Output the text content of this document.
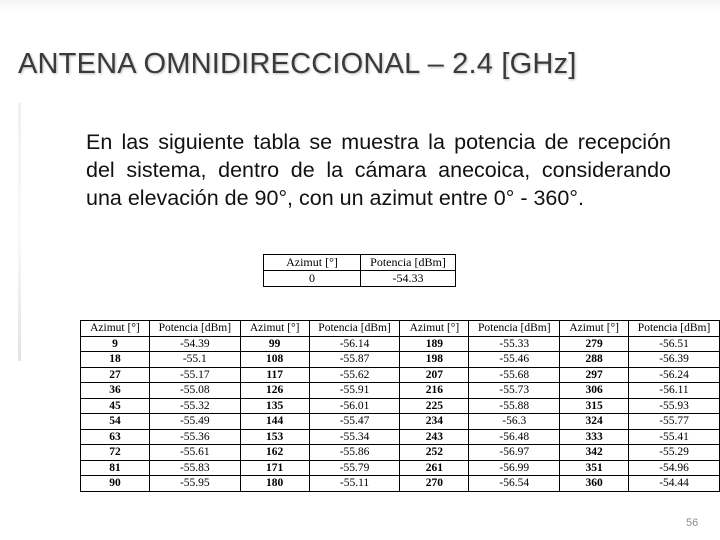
ANTENA OMNIDIRECCIONAL – 2.4 [GHz]
En las siguiente tabla se muestra la potencia de recepción del sistema, dentro de la cámara anecoica, considerando una elevación de 90°, con un azimut entre 0° - 360°.
Azimut [°]	Potencia [dBm]
0	-54.33
Azimut [°]	Potencia [dBm]	Azimut [°]	Potencia [dBm]	Azimut [°]	Potencia [dBm]	Azimut [°]	Potencia [dBm]
9	-54.39	99	-56.14	189	-55.33	279	-56.51
18	-55.1	108	-55.87	198	-55.46	288	-56.39
27	-55.17	117	-55.62	207	-55.68	297	-56.24
36	-55.08	126	-55.91	216	-55.73	306	-56.11
45	-55.32	135	-56.01	225	-55.88	315	-55.93
54	-55.49	144	-55.47	234	-56.3	324	-55.77
63	-55.36	153	-55.34	243	-56.48	333	-55.41
72	-55.61	162	-55.86	252	-56.97	342	-55.29
81	-55.83	171	-55.79	261	-56.99	351	-54.96
90	-55.95	180	-55.11	270	-56.54	360	-54.44
56
